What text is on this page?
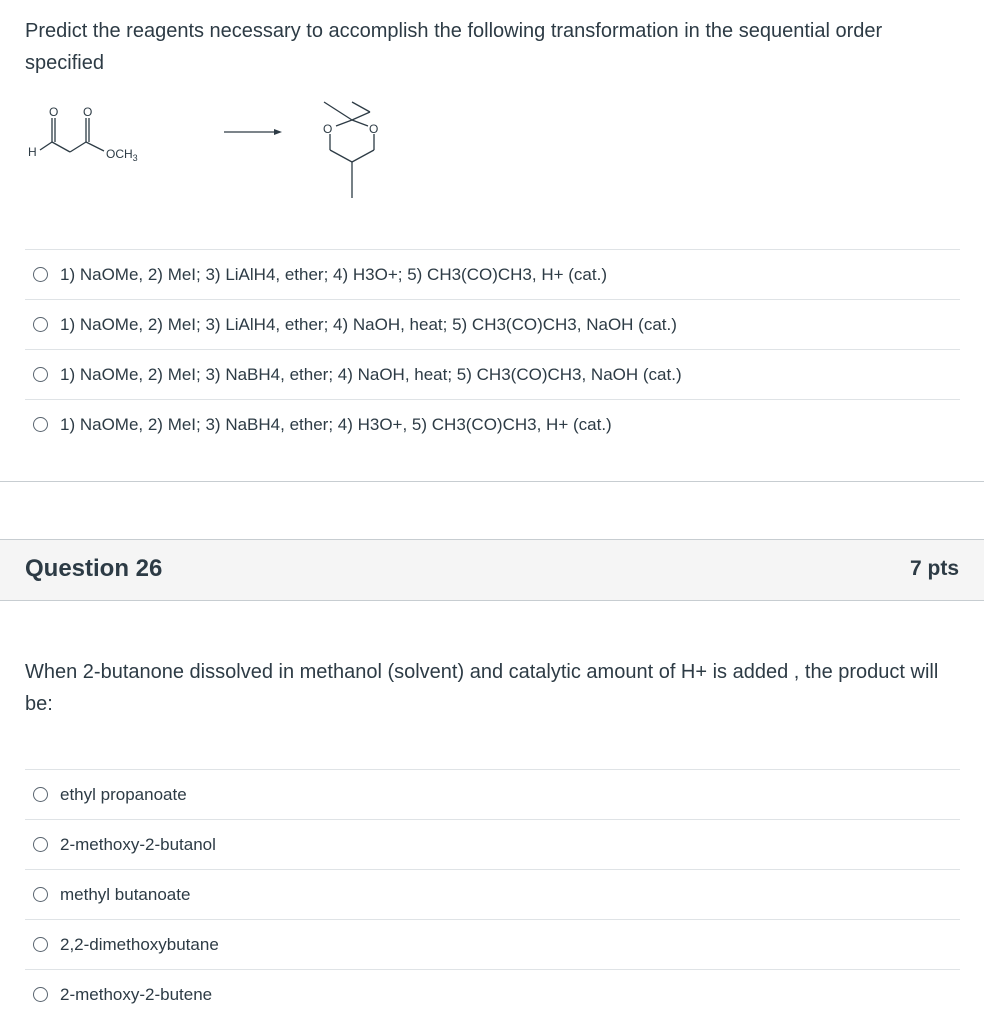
Predict the reagents necessary to accomplish the following transformation in the sequential order specified

H
O O
$OCH_3$
O	O
1) NaOMe, 2) MeI; 3) LiAlH4, ether; 4) H3O+; 5) CH3(CO)CH3, H+ (cat.)
1) NaOMe, 2) MeI; 3) LiAlH4, ether; 4) NaOH, heat; 5) CH3(CO)CH3, NaOH (cat.)
1) NaOMe, 2) MeI; 3) NaBH4, ether; 4) NaOH, heat; 5) CH3(CO)CH3, NaOH (cat.)
1) NaOMe, 2) MeI; 3) NaBH4, ether; 4) H3O+, 5) CH3(CO)CH3, H+ (cat.)
Question 26	7 pts

When 2-butanone dissolved in methanol (solvent) and catalytic amount of H+ is added , the product will be:

ethyl propanoate
2-methoxy-2-butanol
methyl butanoate
2,2-dimethoxybutane
2-methoxy-2-butene
